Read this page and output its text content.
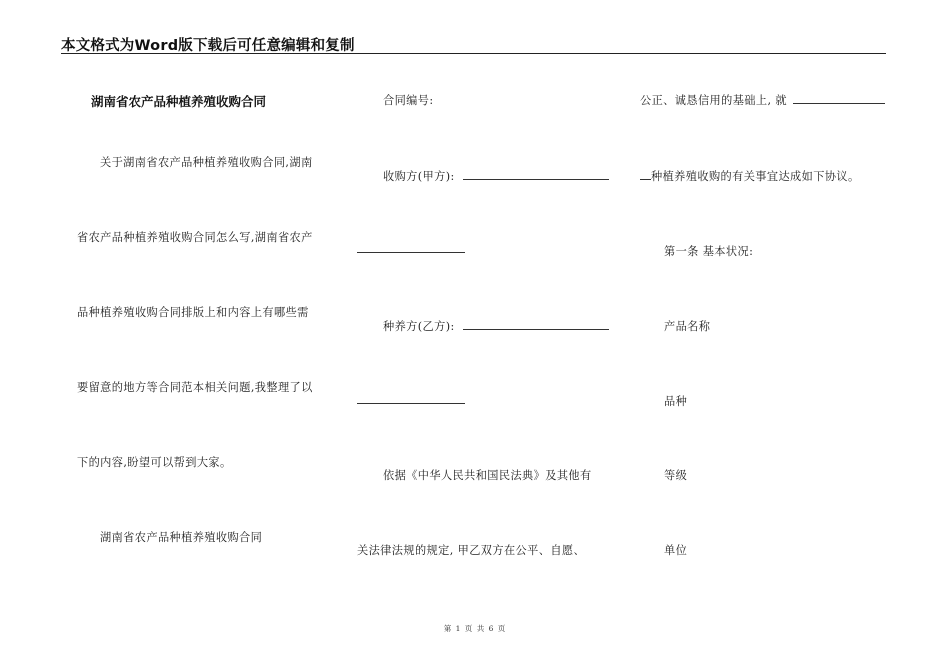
本文格式为Word版下载后可任意编辑和复制
湖南省农产品种植养殖收购合同
关于湖南省农产品种植养殖收购合同,湖南
省农产品种植养殖收购合同怎么写,湖南省农产
品种植养殖收购合同排版上和内容上有哪些需
要留意的地方等合同范本相关问题,我整理了以
下的内容,盼望可以帮到大家。
湖南省农产品种植养殖收购合同
合同编号:
收购方(甲方):
种养方(乙方):
依据《中华人民共和国民法典》及其他有
关法律法规的规定, 甲乙双方在公平、自愿、
公正、诚恳信用的基础上, 就
种植养殖收购的有关事宜达成如下协议。
第一条 基本状况:
产品名称
品种
等级
单位
第 1 页 共 6 页
